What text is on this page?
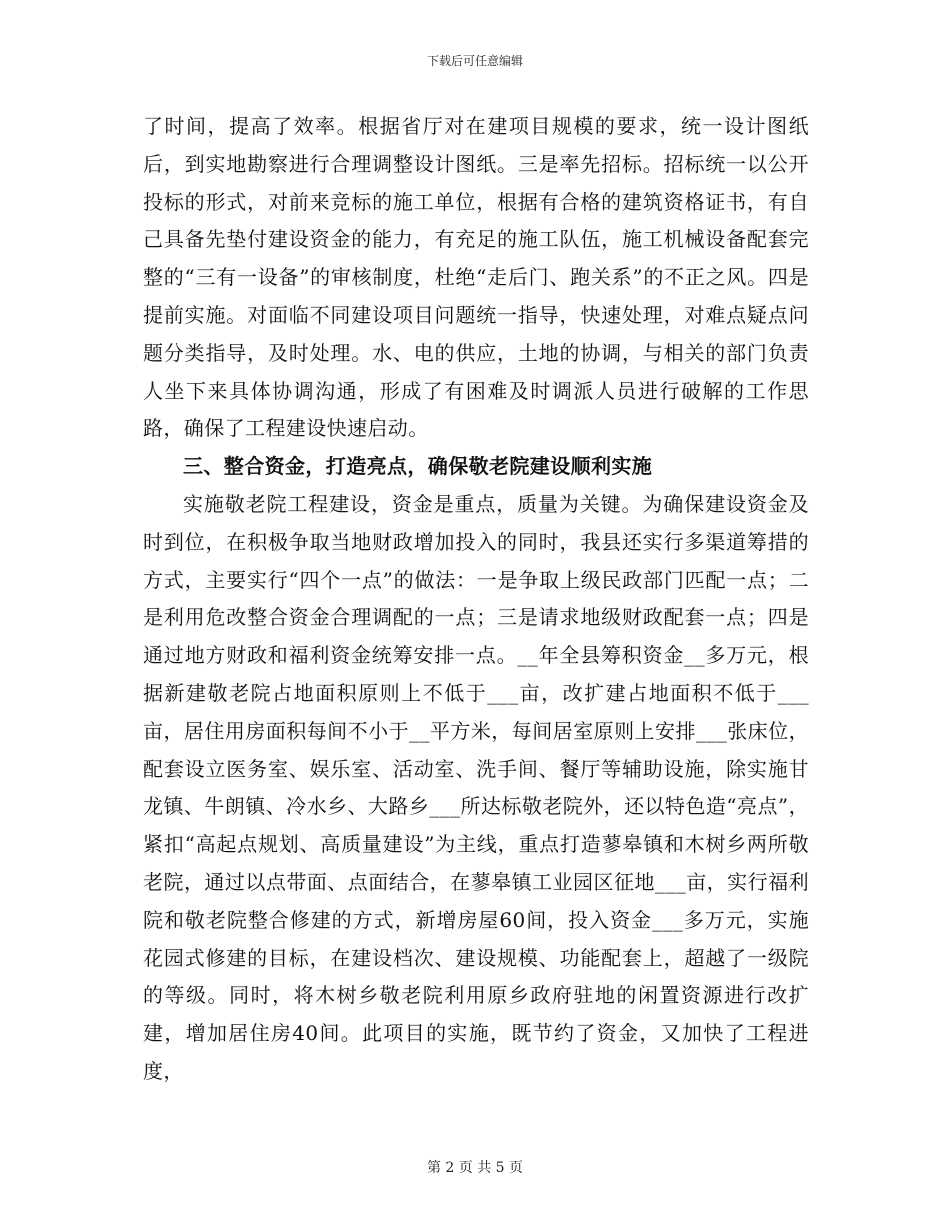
下载后可任意编辑

了时间，提高了效率。根据省厅对在建项目规模的要求，统一设计图纸后，到实地勘察进行合理调整设计图纸。三是率先招标。招标统一以公开投标的形式，对前来竞标的施工单位，根据有合格的建筑资格证书，有自己具备先垫付建设资金的能力，有充足的施工队伍，施工机械设备配套完整的“三有一设备”的审核制度，杜绝“走后门、跑关系”的不正之风。四是提前实施。对面临不同建设项目问题统一指导，快速处理，对难点疑点问题分类指导，及时处理。水、电的供应，土地的协调，与相关的部门负责人坐下来具体协调沟通，形成了有困难及时调派人员进行破解的工作思路，确保了工程建设快速启动。

三、整合资金，打造亮点，确保敬老院建设顺利实施

实施敬老院工程建设，资金是重点，质量为关键。为确保建设资金及时到位，在积极争取当地财政增加投入的同时，我县还实行多渠道筹措的方式，主要实行“四个一点”的做法：一是争取上级民政部门匹配一点；二是利用危改整合资金合理调配的一点；三是请求地级财政配套一点；四是通过地方财政和福利资金统筹安排一点。__年全县筹积资金__多万元，根据新建敬老院占地面积原则上不低于___亩，改扩建占地面积不低于___亩，居住用房面积每间不小于__平方米，每间居室原则上安排___张床位，配套设立医务室、娱乐室、活动室、洗手间、餐厅等辅助设施，除实施甘龙镇、牛朗镇、冷水乡、大路乡___所达标敬老院外，还以特色造“亮点”，紧扣“高起点规划、高质量建设”为主线，重点打造蓼皋镇和木树乡两所敬老院，通过以点带面、点面结合，在蓼皋镇工业园区征地___亩，实行福利院和敬老院整合修建的方式，新增房屋60间，投入资金___多万元，实施花园式修建的目标，在建设档次、建设规模、功能配套上，超越了一级院的等级。同时，将木树乡敬老院利用原乡政府驻地的闲置资源进行改扩建，增加居住房40间。此项目的实施，既节约了资金，又加快了工程进度，

第 2 页 共 5 页
